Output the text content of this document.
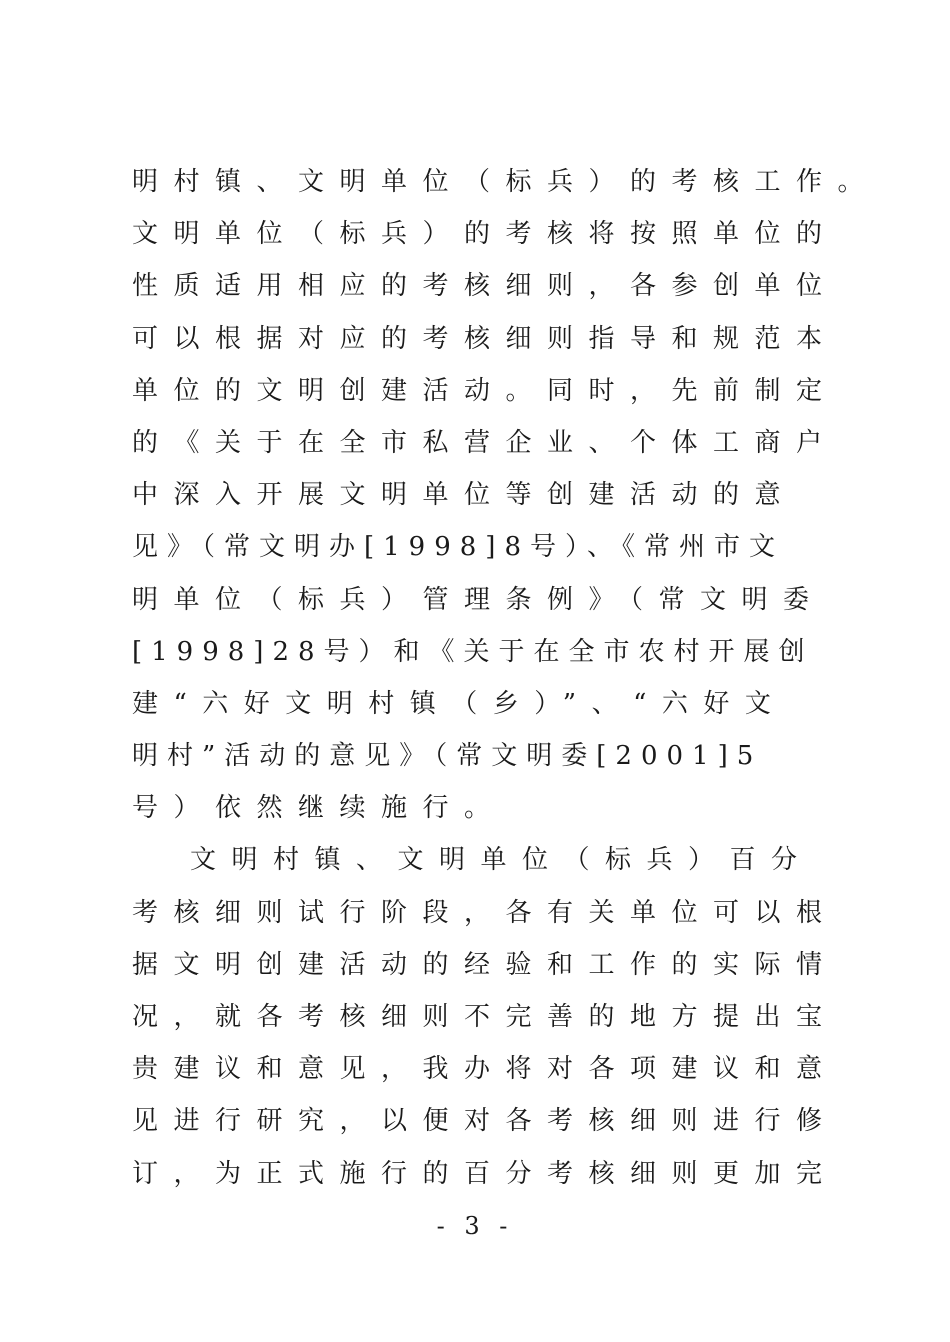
明村镇、文明单位（标兵）的考核工作。
文明单位（标兵）的考核将按照单位的
性质适用相应的考核细则，各参创单位
可以根据对应的考核细则指导和规范本
单位的文明创建活动。同时，先前制定
的《关于在全市私营企业、个体工商户
中深入开展文明单位等创建活动的意
见》（常文明办[1998]8号）、《常州市文
明单位（标兵）管理条例》（常文明委
[1998]28号）和《关于在全市农村开展创
建“六好文明村镇（乡）”、“六好文
明村”活动的意见》（常文明委[2001]5
号）依然继续施行。
文明村镇、文明单位（标兵）百分
考核细则试行阶段，各有关单位可以根
据文明创建活动的经验和工作的实际情
况，就各考核细则不完善的地方提出宝
贵建议和意见，我办将对各项建议和意
见进行研究，以便对各考核细则进行修
订，为正式施行的百分考核细则更加完
- 3 -
